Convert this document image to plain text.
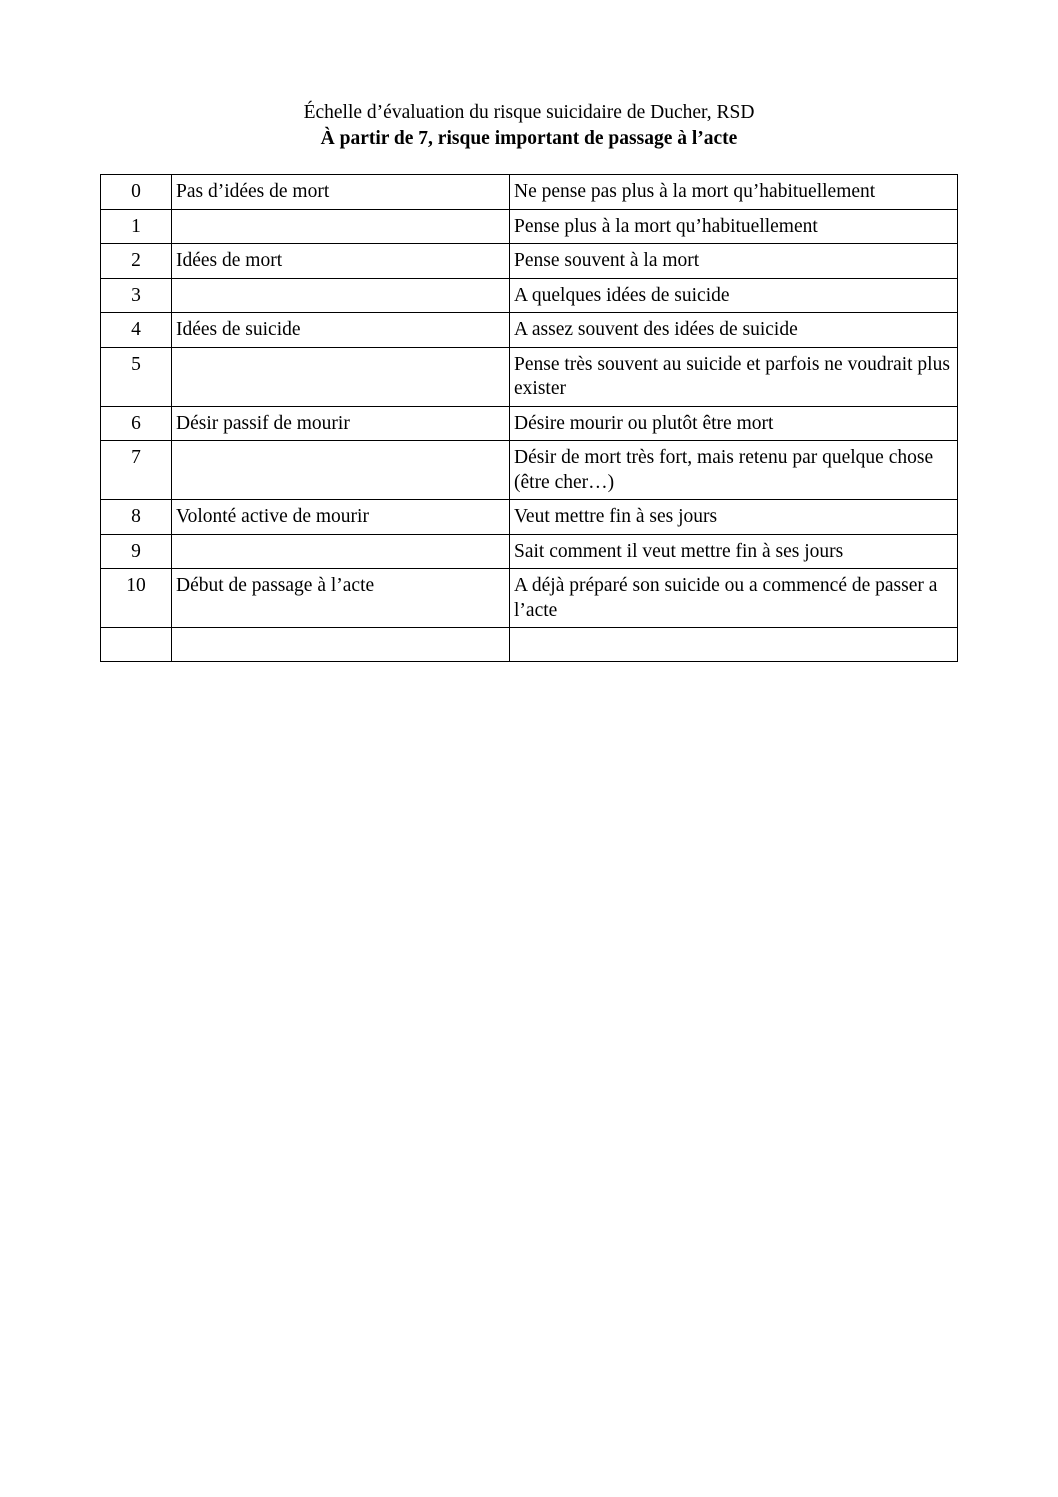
Échelle d’évaluation du risque suicidaire de Ducher, RSD

À partir de 7, risque important de passage à l’acte

0	Pas d’idées de mort	Ne pense pas plus à la mort qu’habituellement
1		Pense plus à la mort qu’habituellement
2	Idées de mort	Pense souvent à la mort
3		A quelques idées de suicide
4	Idées de suicide	A assez souvent des idées de suicide
5		Pense très souvent au suicide et parfois ne voudrait plus exister
6	Désir passif de mourir	Désire mourir ou plutôt être mort
7		Désir de mort très fort, mais retenu par quelque chose (être cher…)
8	Volonté active de mourir	Veut mettre fin à ses jours
9		Sait comment il veut mettre fin à ses jours
10	Début de passage à l’acte	A déjà préparé son suicide ou a commencé de passer a l’acte
